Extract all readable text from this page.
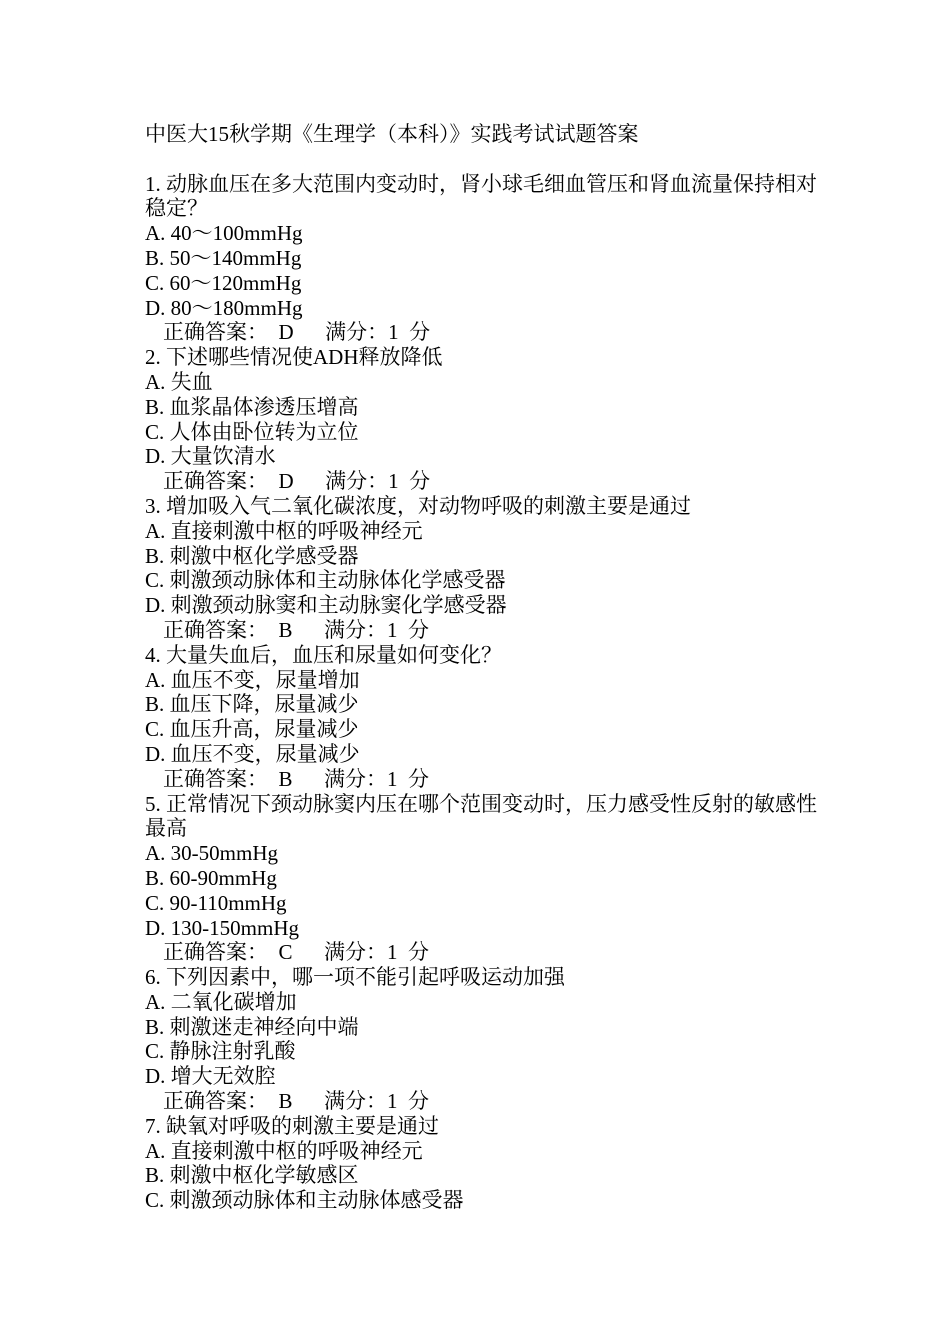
中医大15秋学期《生理学（本科）》实践考试试题答案

1. 动脉血压在多大范围内变动时，肾小球毛细血管压和肾血流量保持相对稳定？

A. 40～100mmHg

B. 50～140mmHg

C. 60～120mmHg

D. 80～180mmHg

正确答案：  D      满分：1  分

2. 下述哪些情况使ADH释放降低

A. 失血

B. 血浆晶体渗透压增高

C. 人体由卧位转为立位

D. 大量饮清水

正确答案：  D      满分：1  分

3. 增加吸入气二氧化碳浓度，对动物呼吸的刺激主要是通过

A. 直接刺激中枢的呼吸神经元

B. 刺激中枢化学感受器

C. 刺激颈动脉体和主动脉体化学感受器

D. 刺激颈动脉窦和主动脉窦化学感受器

正确答案：  B      满分：1  分

4. 大量失血后，血压和尿量如何变化？

A. 血压不变，尿量增加

B. 血压下降，尿量减少

C. 血压升高，尿量减少

D. 血压不变，尿量减少

正确答案：  B      满分：1  分

5. 正常情况下颈动脉窦内压在哪个范围变动时，压力感受性反射的敏感性最高

A. 30-50mmHg

B. 60-90mmHg

C. 90-110mmHg

D. 130-150mmHg

正确答案：  C      满分：1  分

6. 下列因素中，哪一项不能引起呼吸运动加强

A. 二氧化碳增加

B. 刺激迷走神经向中端

C. 静脉注射乳酸

D. 增大无效腔

正确答案：  B      满分：1  分

7. 缺氧对呼吸的刺激主要是通过

A. 直接刺激中枢的呼吸神经元

B. 刺激中枢化学敏感区

C. 刺激颈动脉体和主动脉体感受器
